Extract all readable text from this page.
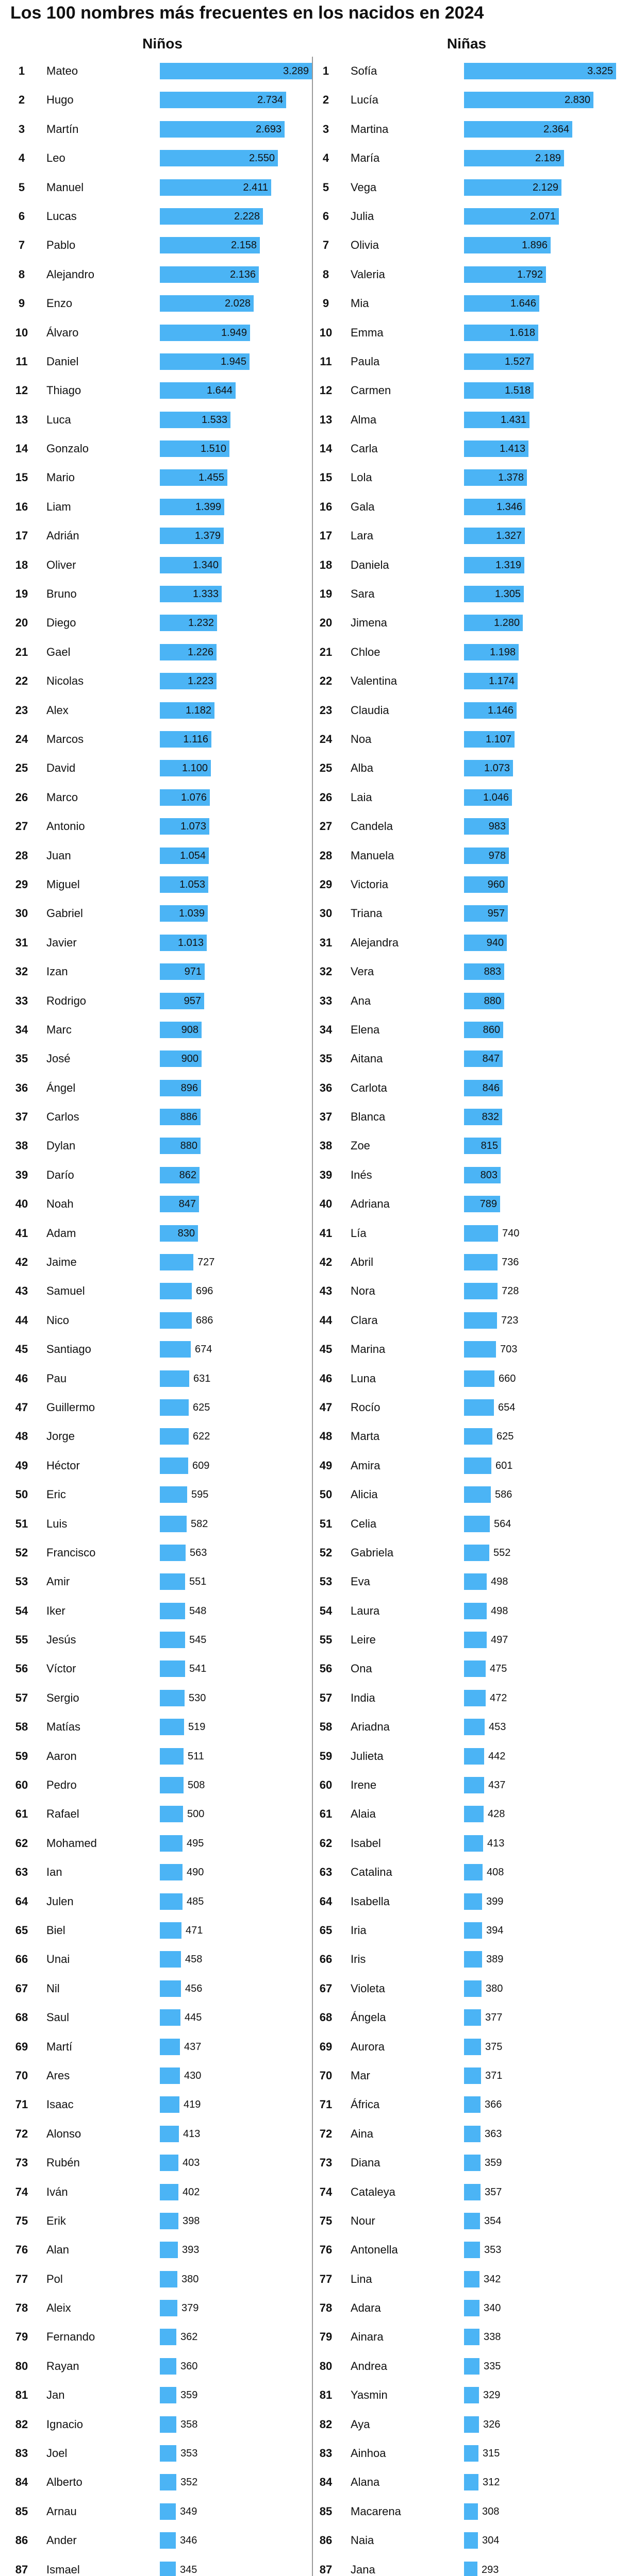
Los 100 nombres más frecuentes en los nacidos en 2024
Niños
1	Mateo	3.289
2	Hugo	2.734
3	Martín	2.693
4	Leo	2.550
5	Manuel	2.411
6	Lucas	2.228
7	Pablo	2.158
8	Alejandro	2.136
9	Enzo	2.028
10	Álvaro	1.949
11	Daniel	1.945
12	Thiago	1.644
13	Luca	1.533
14	Gonzalo	1.510
15	Mario	1.455
16	Liam	1.399
17	Adrián	1.379
18	Oliver	1.340
19	Bruno	1.333
20	Diego	1.232
21	Gael	1.226
22	Nicolas	1.223
23	Alex	1.182
24	Marcos	1.116
25	David	1.100
26	Marco	1.076
27	Antonio	1.073
28	Juan	1.054
29	Miguel	1.053
30	Gabriel	1.039
31	Javier	1.013
32	Izan	971
33	Rodrigo	957
34	Marc	908
35	José	900
36	Ángel	896
37	Carlos	886
38	Dylan	880
39	Darío	862
40	Noah	847
41	Adam	830
42	Jaime	727
43	Samuel	696
44	Nico	686
45	Santiago	674
46	Pau	631
47	Guillermo	625
48	Jorge	622
49	Héctor	609
50	Eric	595
51	Luis	582
52	Francisco	563
53	Amir	551
54	Iker	548
55	Jesús	545
56	Víctor	541
57	Sergio	530
58	Matías	519
59	Aaron	511
60	Pedro	508
61	Rafael	500
62	Mohamed	495
63	Ian	490
64	Julen	485
65	Biel	471
66	Unai	458
67	Nil	456
68	Saul	445
69	Martí	437
70	Ares	430
71	Isaac	419
72	Alonso	413
73	Rubén	403
74	Iván	402
75	Erik	398
76	Alan	393
77	Pol	380
78	Aleix	379
79	Fernando	362
80	Rayan	360
81	Jan	359
82	Ignacio	358
83	Joel	353
84	Alberto	352
85	Arnau	349
86	Ander	346
87	Ismael	345
Niñas
1	Sofía	3.325
2	Lucía	2.830
3	Martina	2.364
4	María	2.189
5	Vega	2.129
6	Julia	2.071
7	Olivia	1.896
8	Valeria	1.792
9	Mia	1.646
10	Emma	1.618
11	Paula	1.527
12	Carmen	1.518
13	Alma	1.431
14	Carla	1.413
15	Lola	1.378
16	Gala	1.346
17	Lara	1.327
18	Daniela	1.319
19	Sara	1.305
20	Jimena	1.280
21	Chloe	1.198
22	Valentina	1.174
23	Claudia	1.146
24	Noa	1.107
25	Alba	1.073
26	Laia	1.046
27	Candela	983
28	Manuela	978
29	Victoria	960
30	Triana	957
31	Alejandra	940
32	Vera	883
33	Ana	880
34	Elena	860
35	Aitana	847
36	Carlota	846
37	Blanca	832
38	Zoe	815
39	Inés	803
40	Adriana	789
41	Lía	740
42	Abril	736
43	Nora	728
44	Clara	723
45	Marina	703
46	Luna	660
47	Rocío	654
48	Marta	625
49	Amira	601
50	Alicia	586
51	Celia	564
52	Gabriela	552
53	Eva	498
54	Laura	498
55	Leire	497
56	Ona	475
57	India	472
58	Ariadna	453
59	Julieta	442
60	Irene	437
61	Alaia	428
62	Isabel	413
63	Catalina	408
64	Isabella	399
65	Iria	394
66	Iris	389
67	Violeta	380
68	Ángela	377
69	Aurora	375
70	Mar	371
71	África	366
72	Aina	363
73	Diana	359
74	Cataleya	357
75	Nour	354
76	Antonella	353
77	Lina	342
78	Adara	340
79	Ainara	338
80	Andrea	335
81	Yasmin	329
82	Aya	326
83	Ainhoa	315
84	Alana	312
85	Macarena	308
86	Naia	304
87	Jana	293
